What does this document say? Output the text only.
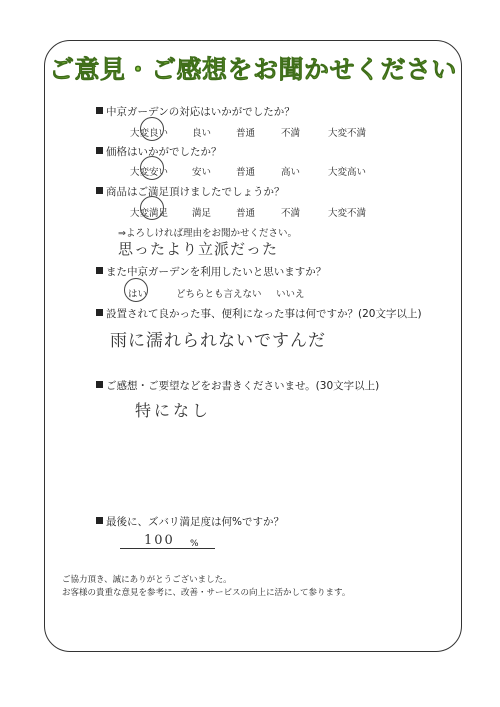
ご意見・ご感想をお聞かせください
中京ガーデンの対応はいかがでしたか？
大変良い	良い	普通	不満	大変不満
価格はいかがでしたか？
大変安い	安い	普通	高い	大変高い
商品はご満足頂けましたでしょうか？
大変満足	満足	普通	不満	大変不満
⇒よろしければ理由をお聞かせください。
思ったより立派だった
また中京ガーデンを利用したいと思いますか？
はい	どちらとも言えない いいえ
設置されて良かった事、便利になった事は何ですか？(20文字以上)
雨に濡れられないですんだ
ご感想・ご要望などをお書きくださいませ。(30文字以上)
特になし
最後に、ズバリ満足度は何%ですか？
100 %
ご協力頂き、誠にありがとうございました。
お客様の貴重な意見を参考に、改善・サービスの向上に活かして参ります。
